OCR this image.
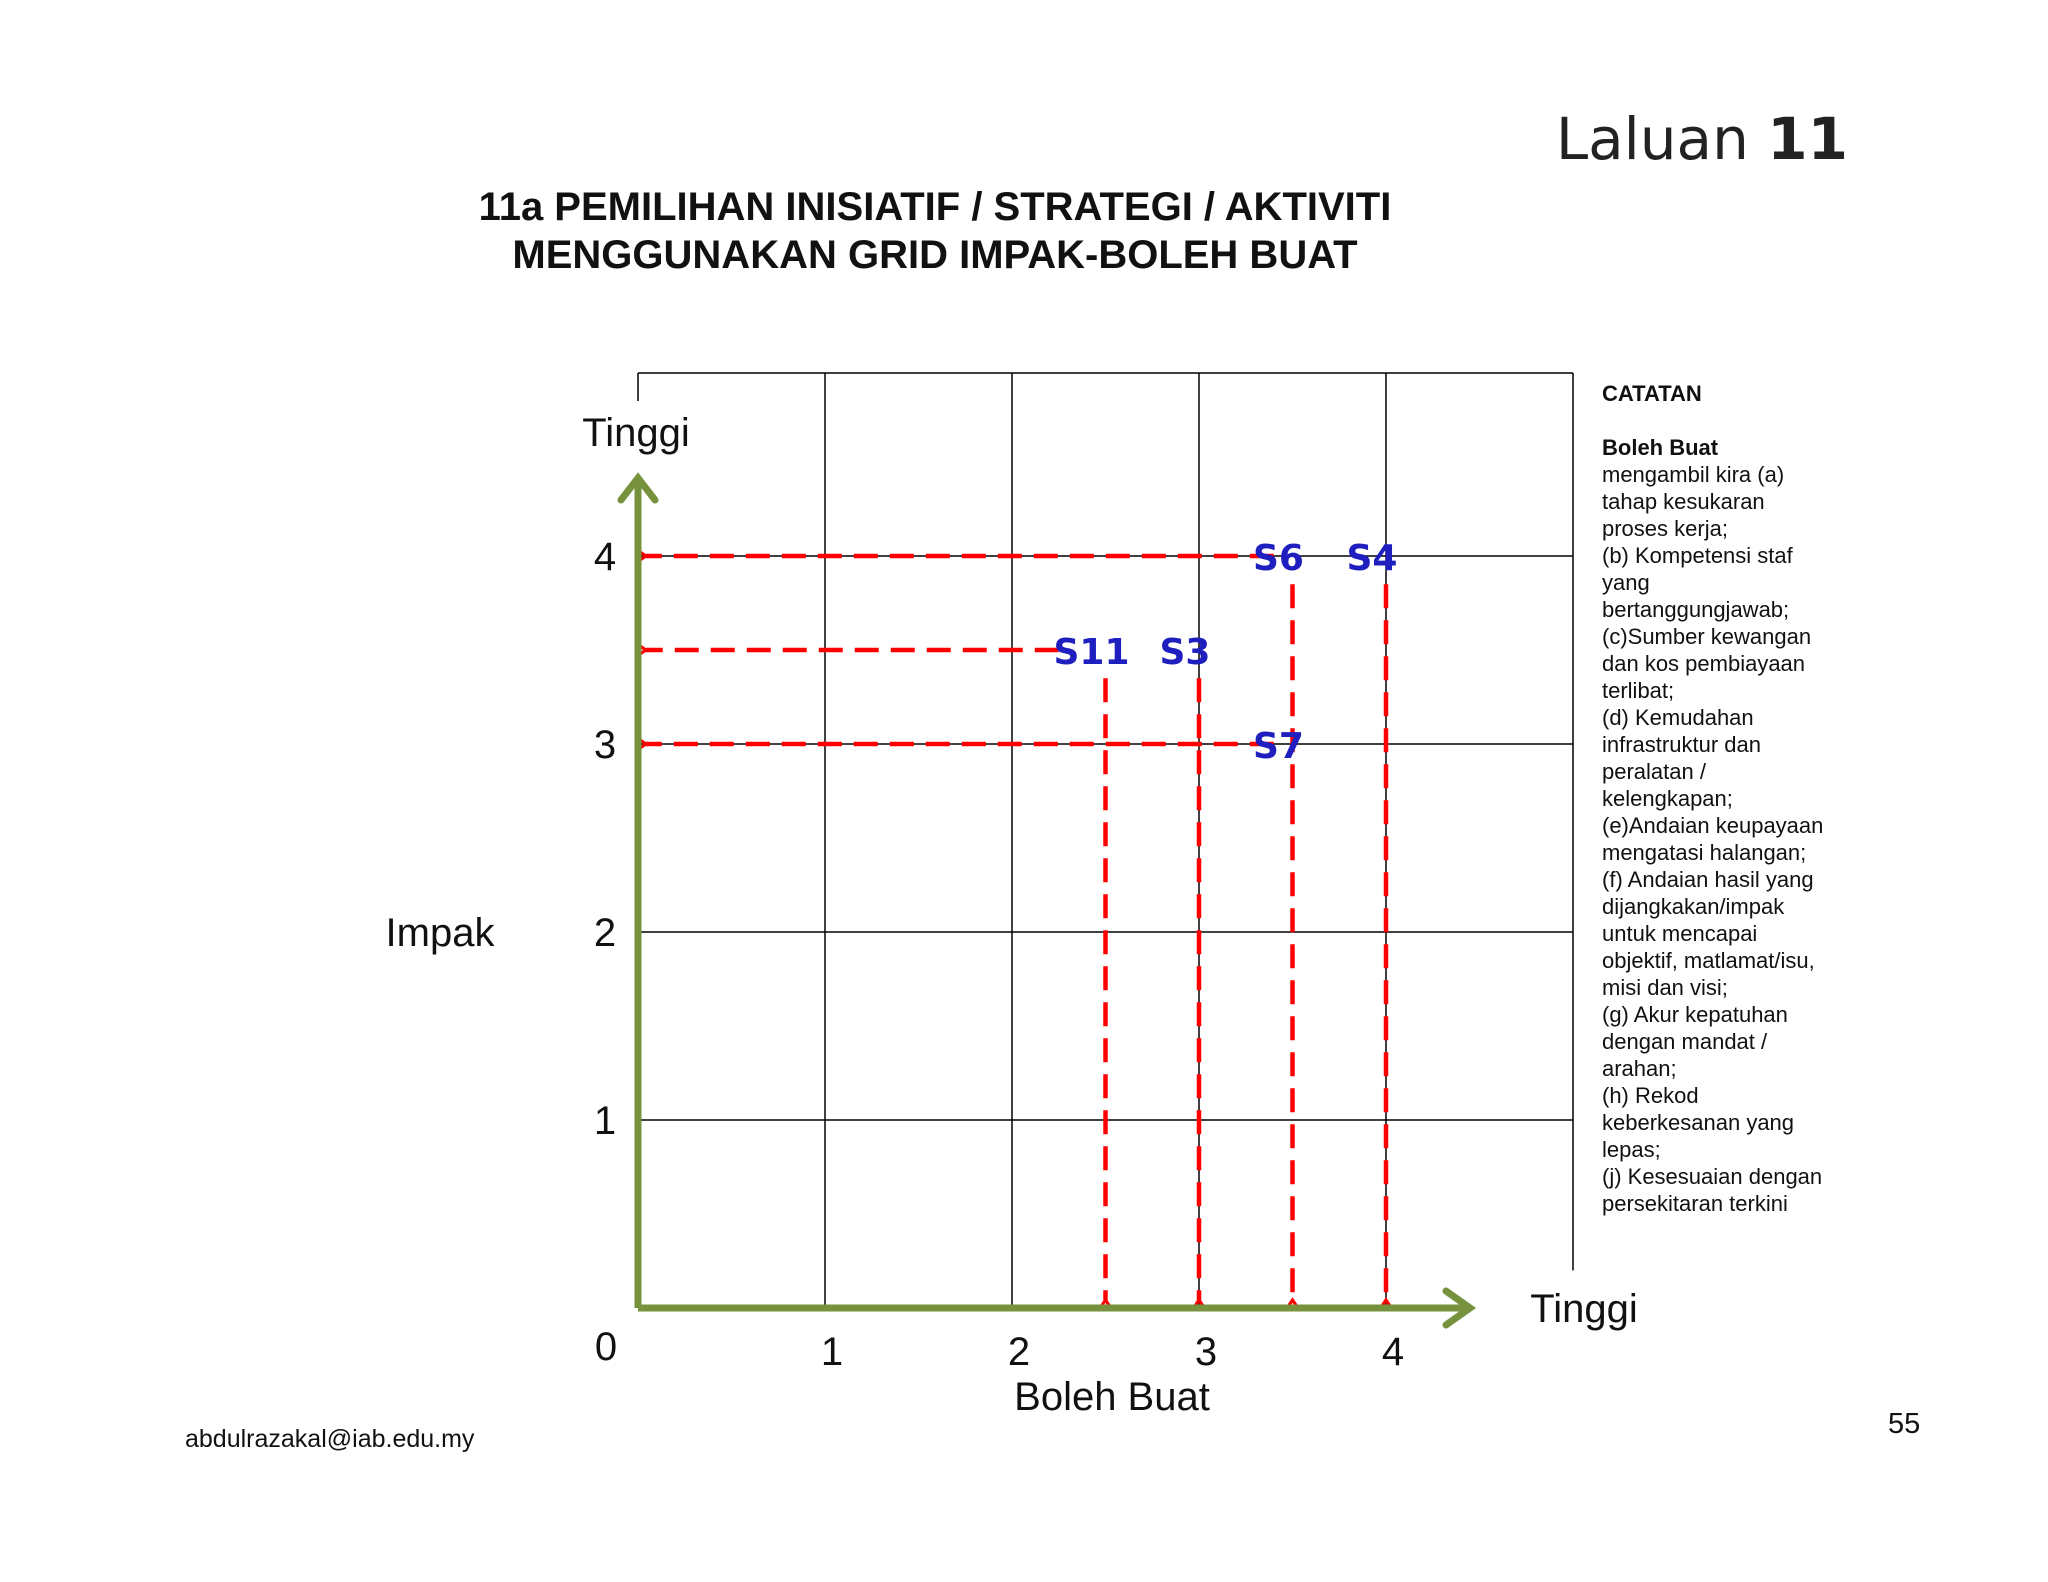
Laluan 11
11a PEMILIHAN INISIATIF / STRATEGI / AKTIVITI
MENGGUNAKAN GRID IMPAK-BOLEH BUAT
1
2
3
4
1	2	3	4
0
Tinggi
Tinggi
Impak
Boleh Buat
S6 S4
S11 S3
S7
CATATAN
Boleh Buat
mengambil kira (a)
tahap kesukaran
proses kerja;
(b) Kompetensi staf
yang
bertanggungjawab;
(c)Sumber kewangan
dan kos pembiayaan
terlibat;
(d) Kemudahan
infrastruktur dan
peralatan /
kelengkapan;
(e)Andaian keupayaan
mengatasi halangan;
(f) Andaian hasil yang
dijangkakan/impak
untuk mencapai
objektif, matlamat/isu,
misi dan visi;
(g) Akur kepatuhan
dengan mandat /
arahan;
(h) Rekod
keberkesanan yang
lepas;
(j) Kesesuaian dengan
persekitaran terkini
abdulrazakal@iab.edu.my	55
